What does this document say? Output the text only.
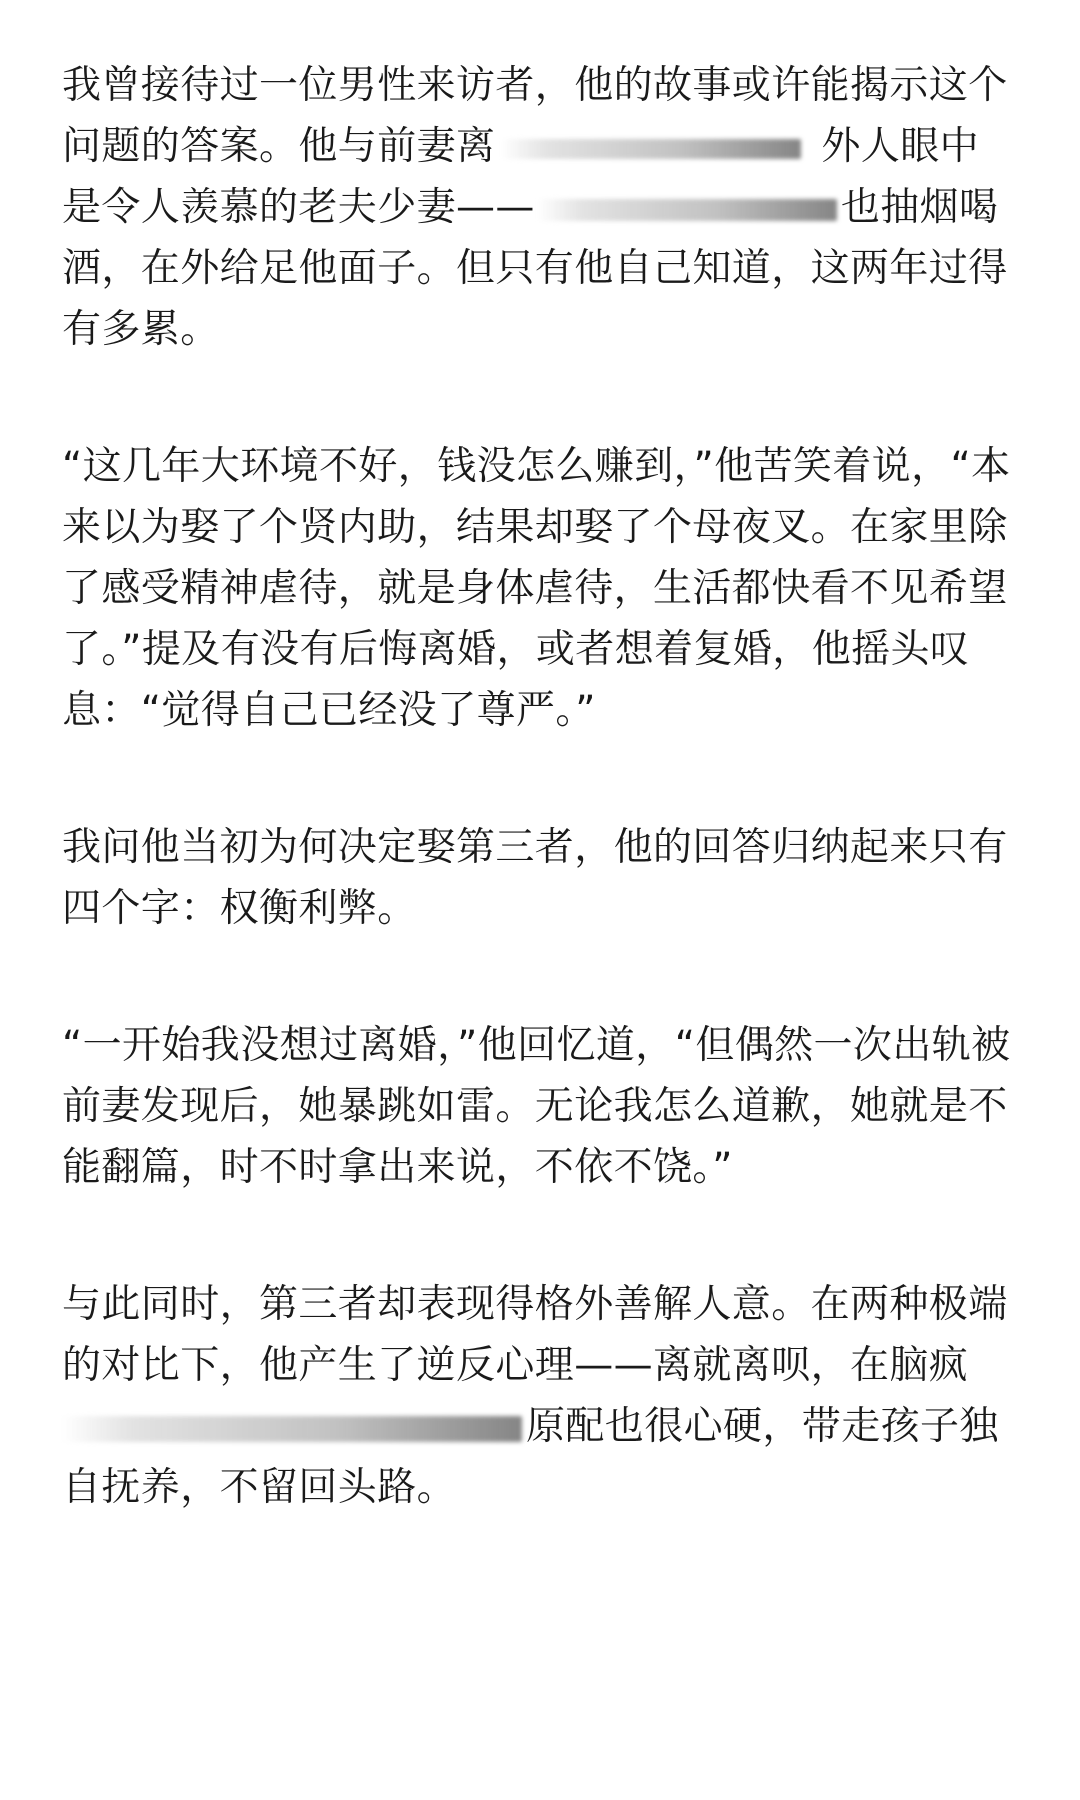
我曾接待过一位男性来访者，他的故事或许能揭示这个问题的答案。他与前妻离	外人眼中是令人羡慕的老夫少妻——	也抽烟喝酒，在外给足他面子。但只有他自己知道，这两年过得有多累。

“这几年大环境不好，钱没怎么赚到，”他苦笑着说，“本来以为娶了个贤内助，结果却娶了个母夜叉。在家里除了感受精神虐待，就是身体虐待，生活都快看不见希望了。”提及有没有后悔离婚，或者想着复婚，他摇头叹息：“觉得自己已经没了尊严。”

我问他当初为何决定娶第三者，他的回答归纳起来只有四个字：权衡利弊。

“一开始我没想过离婚，”他回忆道，“但偶然一次出轨被前妻发现后，她暴跳如雷。无论我怎么道歉，她就是不能翻篇，时不时拿出来说，不依不饶。”

与此同时，第三者却表现得格外善解人意。在两种极端的对比下，他产生了逆反心理——离就离呗，在脑疯原配也很心硬，带走孩子独自抚养，不留回头路。
